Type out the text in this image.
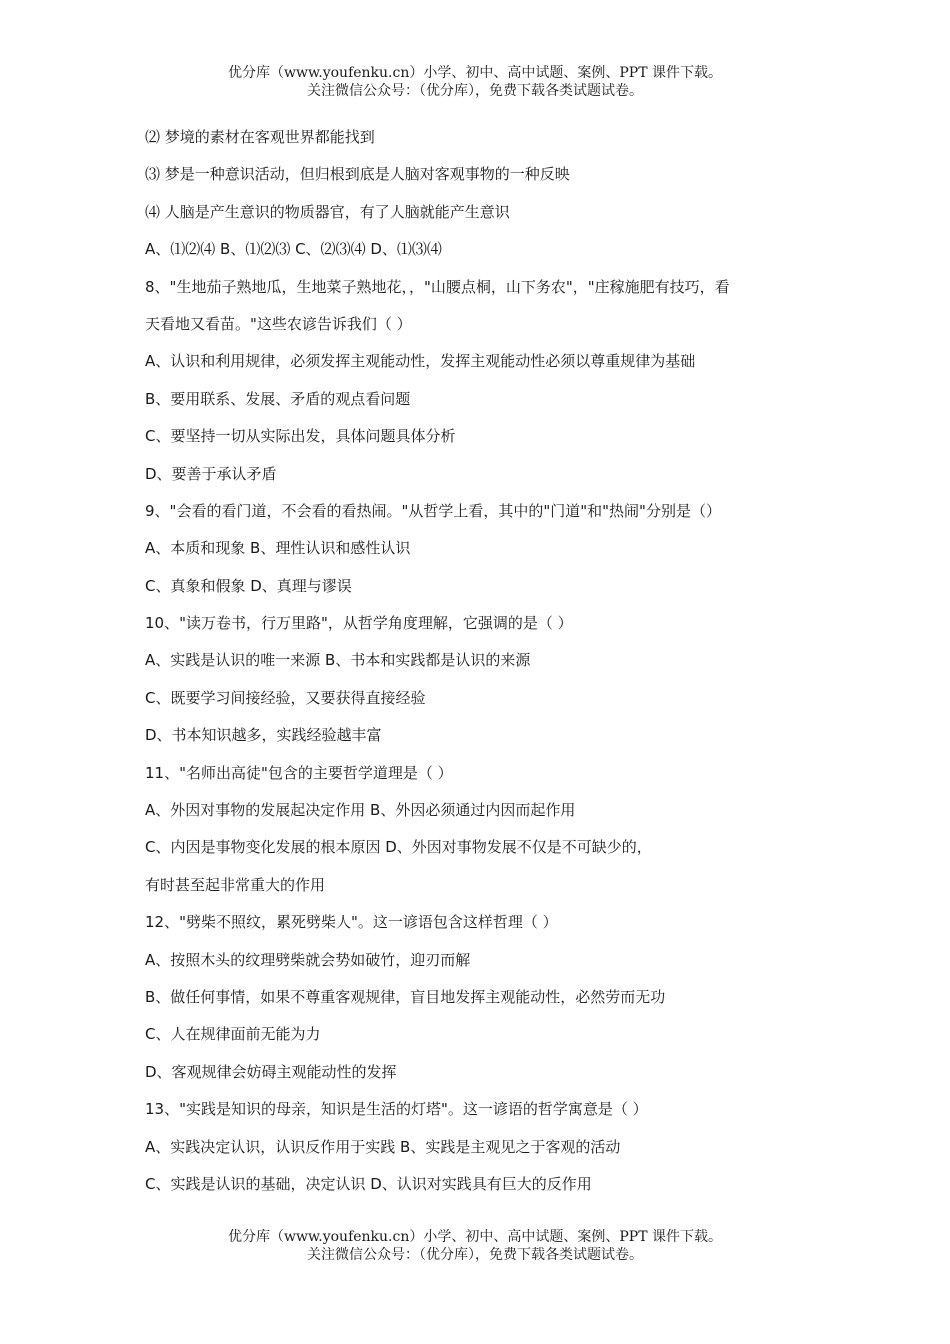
优分库（www.youfenku.cn）小学、初中、高中试题、案例、PPT 课件下载。
关注微信公众号：（优分库），免费下载各类试题试卷。
⑵ 梦境的素材在客观世界都能找到
⑶ 梦是一种意识活动，但归根到底是人脑对客观事物的一种反映
⑷ 人脑是产生意识的物质器官，有了人脑就能产生意识
A、⑴⑵⑷ B、⑴⑵⑶ C、⑵⑶⑷ D、⑴⑶⑷
8、"生地茄子熟地瓜，生地菜子熟地花，，"山腰点桐，山下务农"，"庄稼施肥有技巧，看
天看地又看苗。"这些农谚告诉我们（ ）
A、认识和利用规律，必须发挥主观能动性，发挥主观能动性必须以尊重规律为基础
B、要用联系、发展、矛盾的观点看问题
C、要坚持一切从实际出发，具体问题具体分析
D、要善于承认矛盾
9、"会看的看门道，不会看的看热闹。"从哲学上看，其中的"门道"和"热闹"分别是（）
A、本质和现象 B、理性认识和感性认识
C、真象和假象 D、真理与谬误
10、"读万卷书，行万里路"，从哲学角度理解，它强调的是（ ）
A、实践是认识的唯一来源 B、书本和实践都是认识的来源
C、既要学习间接经验，又要获得直接经验
D、书本知识越多，实践经验越丰富
11、"名师出高徒"包含的主要哲学道理是（ ）
A、外因对事物的发展起决定作用 B、外因必须通过内因而起作用
C、内因是事物变化发展的根本原因 D、外因对事物发展不仅是不可缺少的，
有时甚至起非常重大的作用
12、"劈柴不照纹，累死劈柴人"。这一谚语包含这样哲理（ ）
A、按照木头的纹理劈柴就会势如破竹，迎刃而解
B、做任何事情，如果不尊重客观规律，盲目地发挥主观能动性，必然劳而无功
C、人在规律面前无能为力
D、客观规律会妨碍主观能动性的发挥
13、"实践是知识的母亲，知识是生活的灯塔"。这一谚语的哲学寓意是（ ）
A、实践决定认识，认识反作用于实践 B、实践是主观见之于客观的活动
C、实践是认识的基础，决定认识 D、认识对实践具有巨大的反作用
优分库（www.youfenku.cn）小学、初中、高中试题、案例、PPT 课件下载。
关注微信公众号：（优分库），免费下载各类试题试卷。
